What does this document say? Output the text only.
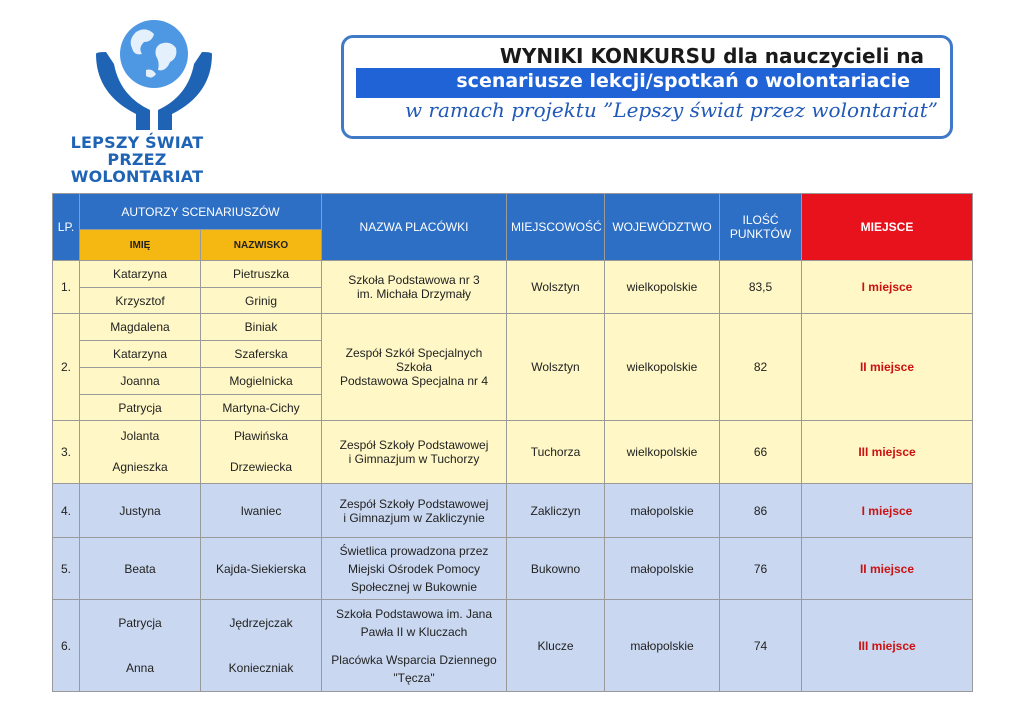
LEPSZY ŚWIAT
PRZEZ WOLONTARIAT
WYNIKI KONKURSU dla nauczycieli na
scenariusze lekcji/spotkań o wolontariacie
w ramach projektu ”Lepszy świat przez wolontariat”
LP.	AUTORZY SCENARIUSZÓW		NAZWA PLACÓWKI	MIEJSCOWOŚĆ	WOJEWÓDZTWO	ILOŚĆ PUNKTÓW	MIEJSCE
	IMIĘ	NAZWISKO					
1.	Katarzyna	Pietruszka	Szkoła Podstawowa nr 3
im. Michała Drzymały	Wolsztyn	wielkopolskie	83,5	I miejsce
	Krzysztof	Grinig					
2.	Magdalena	Biniak	Zespół Szkół Specjalnych Szkoła
Podstawowa Specjalna nr 4	Wolsztyn	wielkopolskie	82	II miejsce
	Katarzyna	Szaferska					
	Joanna	Mogielnicka					
	Patrycja	Martyna-Cichy					
3.	Jolanta	Pławińska	Zespół Szkoły Podstawowej
i Gimnazjum w Tuchorzy	Tuchorza	wielkopolskie	66	III miejsce
	Agnieszka	Drzewiecka					
4.	Justyna	Iwaniec	Zespół Szkoły Podstawowej
i Gimnazjum w Zakliczynie	Zakliczyn	małopolskie	86	I miejsce
5.	Beata	Kajda-Siekierska	Świetlica prowadzona przez
Miejski Ośrodek Pomocy
Społecznej w Bukownie	Bukowno	małopolskie	76	II miejsce
6.	Patrycja	Jędrzejczak	Szkoła Podstawowa im. Jana
Pawła II w Kluczach
Placówka Wsparcia Dziennego
"Tęcza"	Klucze	małopolskie	74	III miejsce
	Anna	Konieczniak					
